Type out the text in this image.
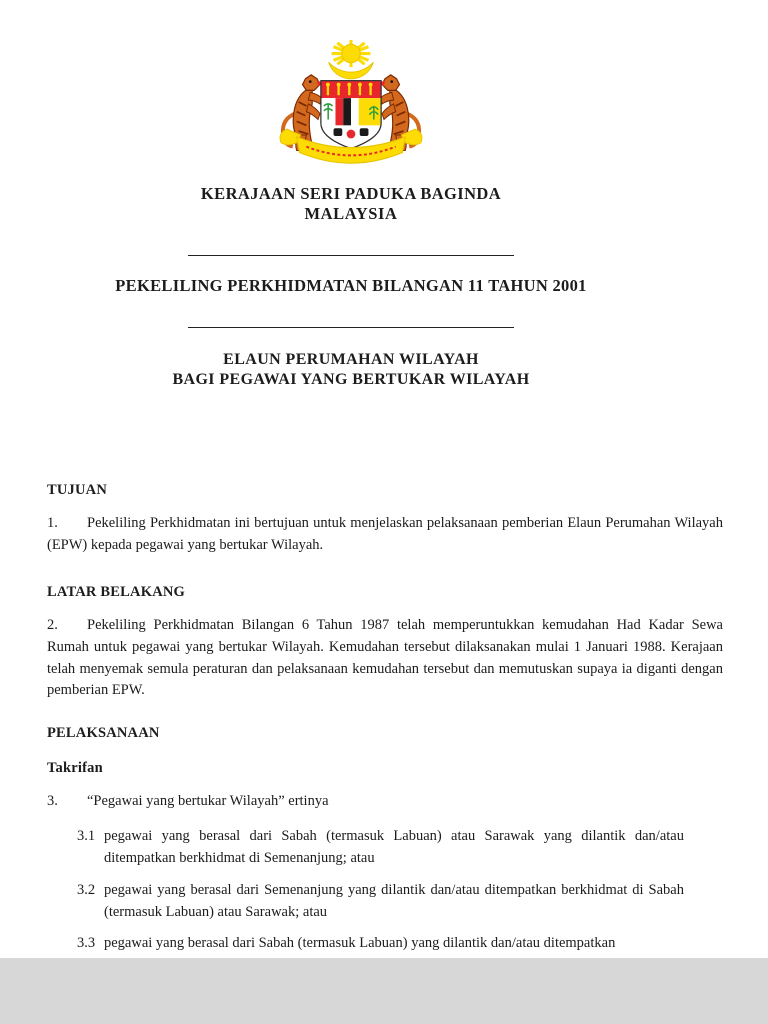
KERAJAAN SERI PADUKA BAGINDA
MALAYSIA
PEKELILING PERKHIDMATAN BILANGAN 11 TAHUN 2001
ELAUN PERUMAHAN WILAYAH
BAGI PEGAWAI YANG BERTUKAR WILAYAH
TUJUAN
1. Pekeliling Perkhidmatan ini bertujuan untuk menjelaskan pelaksanaan pemberian Elaun Perumahan Wilayah (EPW) kepada pegawai yang bertukar Wilayah.
LATAR BELAKANG
2. Pekeliling Perkhidmatan Bilangan 6 Tahun 1987 telah memperuntukkan kemudahan Had Kadar Sewa Rumah untuk pegawai yang bertukar Wilayah. Kemudahan tersebut dilaksanakan mulai 1 Januari 1988. Kerajaan telah menyemak semula peraturan dan pelaksanaan kemudahan tersebut dan memutuskan supaya ia diganti dengan pemberian EPW.
PELAKSANAAN
Takrifan
3. “Pegawai yang bertukar Wilayah” ertinya
3.1 pegawai yang berasal dari Sabah (termasuk Labuan) atau Sarawak yang dilantik dan/atau ditempatkan berkhidmat di Semenanjung; atau
3.2 pegawai yang berasal dari Semenanjung yang dilantik dan/atau ditempatkan berkhidmat di Sabah (termasuk Labuan) atau Sarawak; atau
3.3 pegawai yang berasal dari Sabah (termasuk Labuan) yang dilantik dan/atau ditempatkan
